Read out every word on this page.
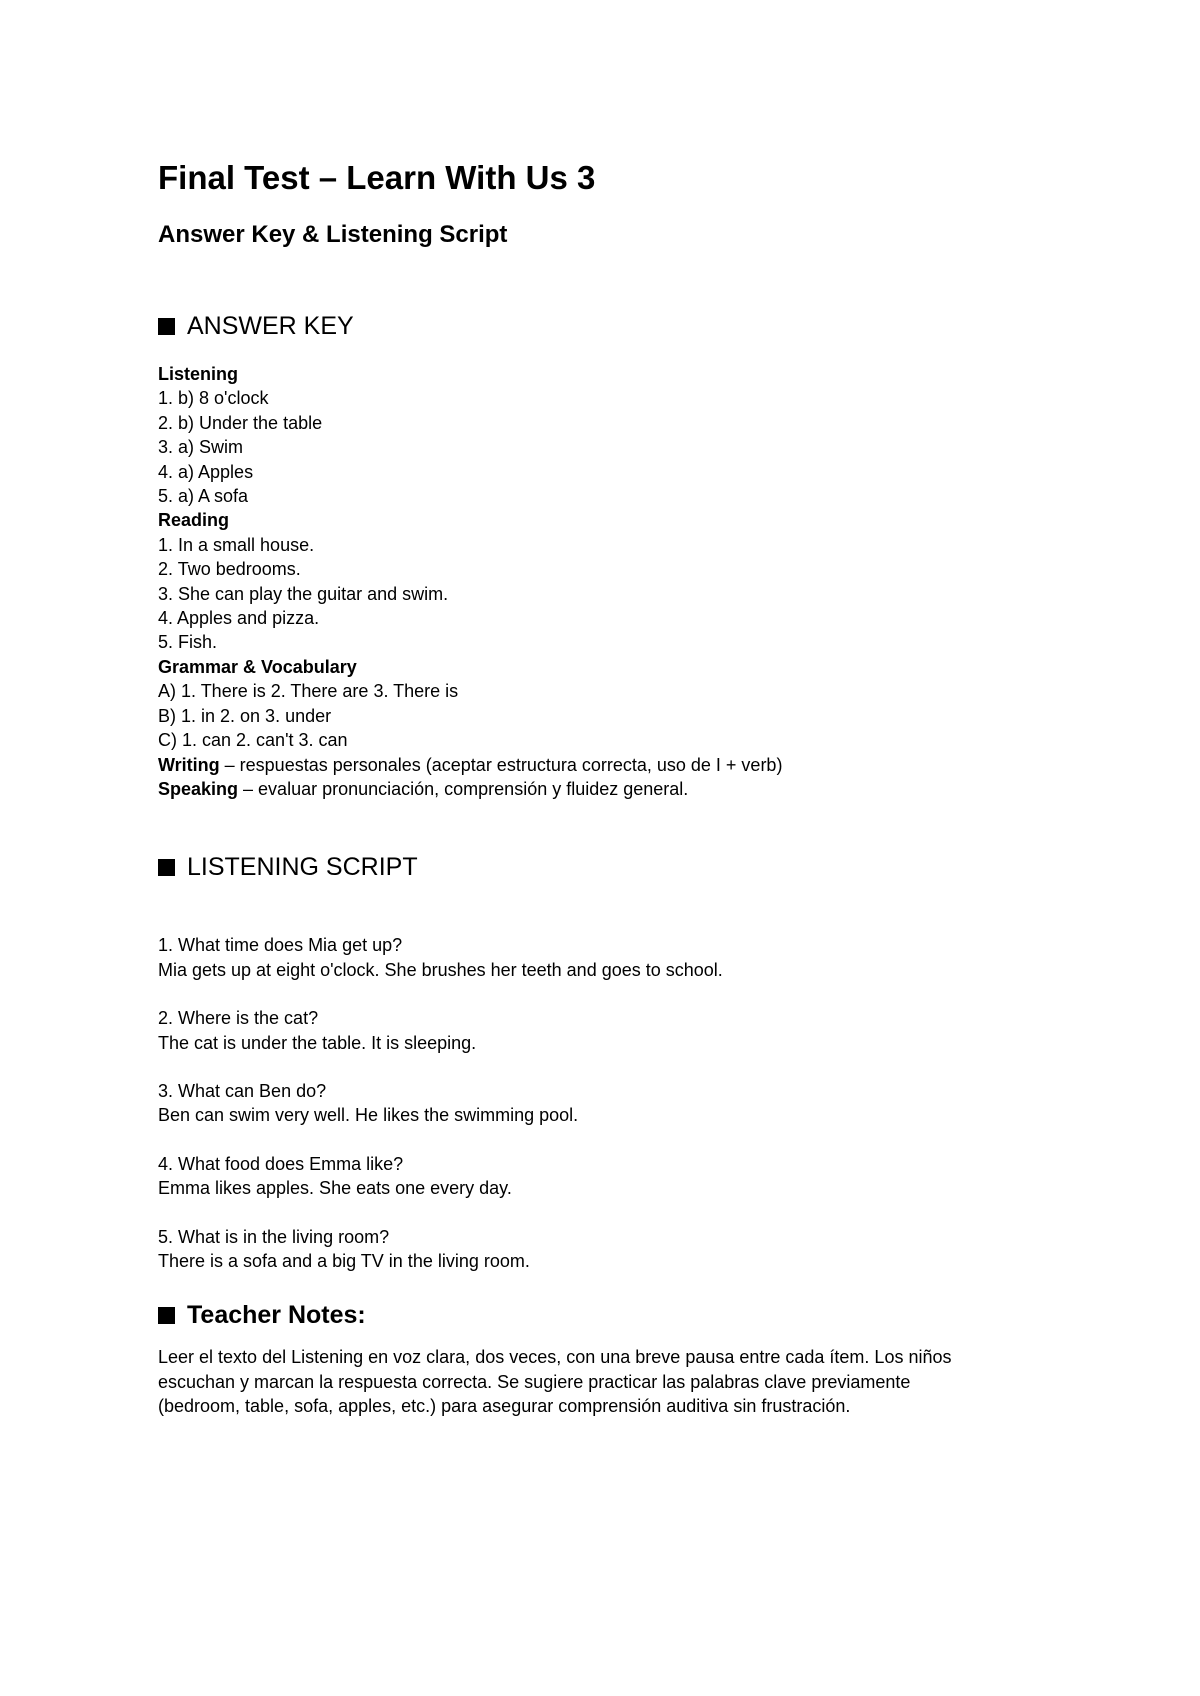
Final Test – Learn With Us 3
Answer Key & Listening Script
ANSWER KEY
Listening
1. b) 8 o'clock
2. b) Under the table
3. a) Swim
4. a) Apples
5. a) A sofa
Reading
1. In a small house.
2. Two bedrooms.
3. She can play the guitar and swim.
4. Apples and pizza.
5. Fish.
Grammar & Vocabulary
A) 1. There is 2. There are 3. There is
B) 1. in 2. on 3. under
C) 1. can 2. can't 3. can
Writing – respuestas personales (aceptar estructura correcta, uso de I + verb)
Speaking – evaluar pronunciación, comprensión y fluidez general.
LISTENING SCRIPT
1. What time does Mia get up?
Mia gets up at eight o'clock. She brushes her teeth and goes to school.
2. Where is the cat?
The cat is under the table. It is sleeping.
3. What can Ben do?
Ben can swim very well. He likes the swimming pool.
4. What food does Emma like?
Emma likes apples. She eats one every day.
5. What is in the living room?
There is a sofa and a big TV in the living room.
Teacher Notes:
Leer el texto del Listening en voz clara, dos veces, con una breve pausa entre cada ítem. Los niños
escuchan y marcan la respuesta correcta. Se sugiere practicar las palabras clave previamente
(bedroom, table, sofa, apples, etc.) para asegurar comprensión auditiva sin frustración.
